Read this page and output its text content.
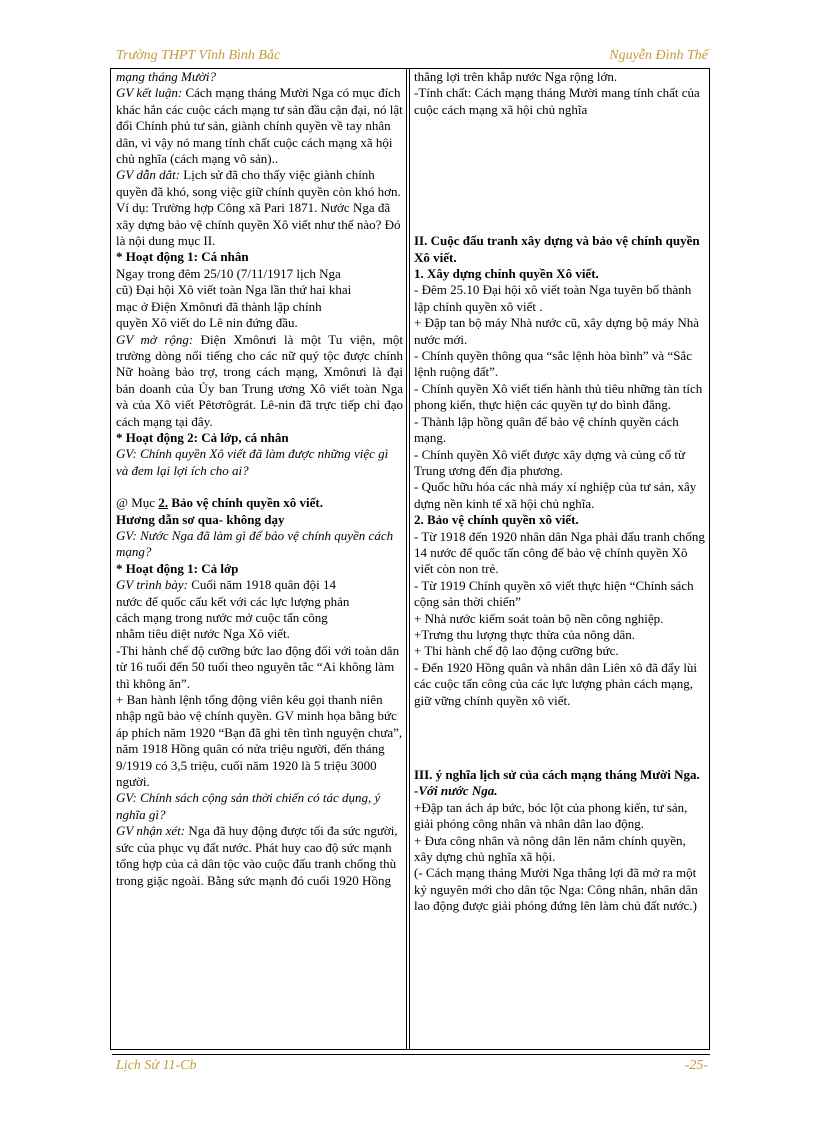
Trường THPT Vĩnh Bình Bắc	Nguyễn Đình Thế

mạng tháng Mười?

GV kết luận: Cách mạng tháng Mười Nga có mục đích khác hẳn các cuộc cách mạng tư sản đầu cận đại, nó lật đổi Chính phủ tư sản, giành chính quyền về tay nhân dân, vì vậy nó mang tính chất cuộc cách mạng xã hội chủ nghĩa (cách mạng vô sản)..

GV dẫn dắt: Lịch sử đã cho thấy việc giành chính quyền đã khó, song việc giữ chính quyền còn khó hơn. Ví dụ: Trường hợp Công xã Pari 1871. Nước Nga đã xây dựng bảo vệ chính quyền Xô viết như thế nào? Đó là nội dung mục II.

* Hoạt động 1: Cá nhân

Ngay trong đêm 25/10 (7/11/1917 lịch Nga cũ) Đại hội Xô viết toàn Nga lần thứ hai khai mạc ở Điện Xmônưi đã thành lập chính quyền Xô viết do Lê nin đứng đầu.

GV mở rộng: Điện Xmônưi là một Tu viện, một trường dòng nổi tiếng cho các nữ quý tộc được chính Nữ hoàng bảo trợ, trong cách mạng, Xmônưi là đại bản doanh của Ủy ban Trung ương Xô viết toàn Nga và của Xô viết Pêtơrôgrát. Lê-nin đã trực tiếp chỉ đạo cách mạng tại đây.

* Hoạt động 2: Cả lớp, cá nhân

GV: Chính quyền Xô viết đã làm được những việc gì và đem lại lợi ích cho ai?

@ Mục 2. Bảo vệ chính quyền xô viết.

Hương dẫn sơ qua- không dạy

GV: Nước Nga đã làm gì để bảo vệ chính quyền cách mạng?

* Hoạt động 1: Cả lớp

GV trình bày: Cuối năm 1918 quân đội 14 nước đế quốc cấu kết với các lực lượng phản cách mạng trong nước mở cuộc tấn công nhằm tiêu diệt nước Nga Xô viết.

-Thi hành chế độ cưỡng bức lao động đối với toàn dân từ 16 tuổi đến 50 tuổi theo nguyên tắc “Ai không làm thì không ăn”.

+ Ban hành lệnh tổng động viên kêu gọi thanh niên nhập ngũ bảo vệ chính quyền. GV minh họa bằng bức áp phích năm 1920 “Bạn đã ghi tên tình nguyện chưa”, năm 1918 Hồng quân có nửa triệu người, đến tháng 9/1919 có 3,5 triệu, cuối năm 1920 là 5 triệu 3000 người.

GV: Chính sách cộng sản thời chiến có tác dụng, ý nghĩa gì?

GV nhận xét: Nga đã huy động được tối đa sức người, sức của phục vụ đất nước. Phát huy cao độ sức mạnh tổng hợp của cả dân tộc vào cuộc đấu tranh chống thù trong giặc ngoài. Bằng sức mạnh đó cuối 1920 Hồng

thắng lợi trên khắp nước Nga rộng lớn.

-Tính chất: Cách mạng tháng Mười mang tính chất của cuộc cách mạng xã hội chủ nghĩa

II. Cuộc đấu tranh xây dựng và bảo vệ chính quyền Xô viết.

1. Xây dựng chính quyền Xô viết.

- Đêm 25.10 Đại hội xô viết toàn Nga tuyên bố thành lập chính quyền xô viết .

+ Đập tan bộ máy Nhà nước cũ, xây dựng bộ máy Nhà nước mới.

- Chính quyền thông qua “sắc lệnh hòa bình” và “Sắc lệnh ruộng đất”.

- Chính quyền Xô viết tiến hành thủ tiêu những tàn tích phong kiến, thực hiện các quyền tự do bình đẳng.

- Thành lập hồng quân để bảo vệ chính quyền cách mạng.

- Chính quyền Xô viết được xây dựng và củng cố từ Trung ương đến địa phương.

- Quốc hữu hóa các nhà máy xí nghiệp của tư sản, xây dựng nền kinh tế xã hội chủ nghĩa.

2. Bảo vệ chính quyền xô viết.

- Từ 1918 đến 1920 nhân dân Nga phải đấu tranh chống 14 nước đế quốc tấn công để bảo vệ chính quyền Xô viết còn non trẻ.

- Từ 1919 Chính quyền xô viết thực hiện “Chính sách cộng sản thời chiến”

+ Nhà nước kiểm soát toàn bộ nền công nghiệp.

+Trưng thu lượng thực thừa của nông dân.

+ Thi hành chế độ lao động cưỡng bức.

- Đến 1920 Hồng quân và nhân dân Liên xô đã đẩy lùi các cuộc tấn công của các lực lượng phản cách mạng, giữ vững chính quyền xô viết.

III. ý nghĩa lịch sử của cách mạng tháng Mười Nga.

-Với nước Nga.

+Đập tan ách áp bức, bóc lột của phong kiến, tư sản, giải phóng công nhân và nhân dân lao động.

+ Đưa công nhân và nông dân lên nắm chính quyền, xây dựng chủ nghĩa xã hội.

(- Cách mạng tháng Mười Nga thắng lợi đã mở ra một kỷ nguyên mới cho dân tộc Nga: Công nhân, nhân dân lao động được giải phóng đứng lên làm chủ đất nước.)

Lịch Sử 11-Cb	-25-
